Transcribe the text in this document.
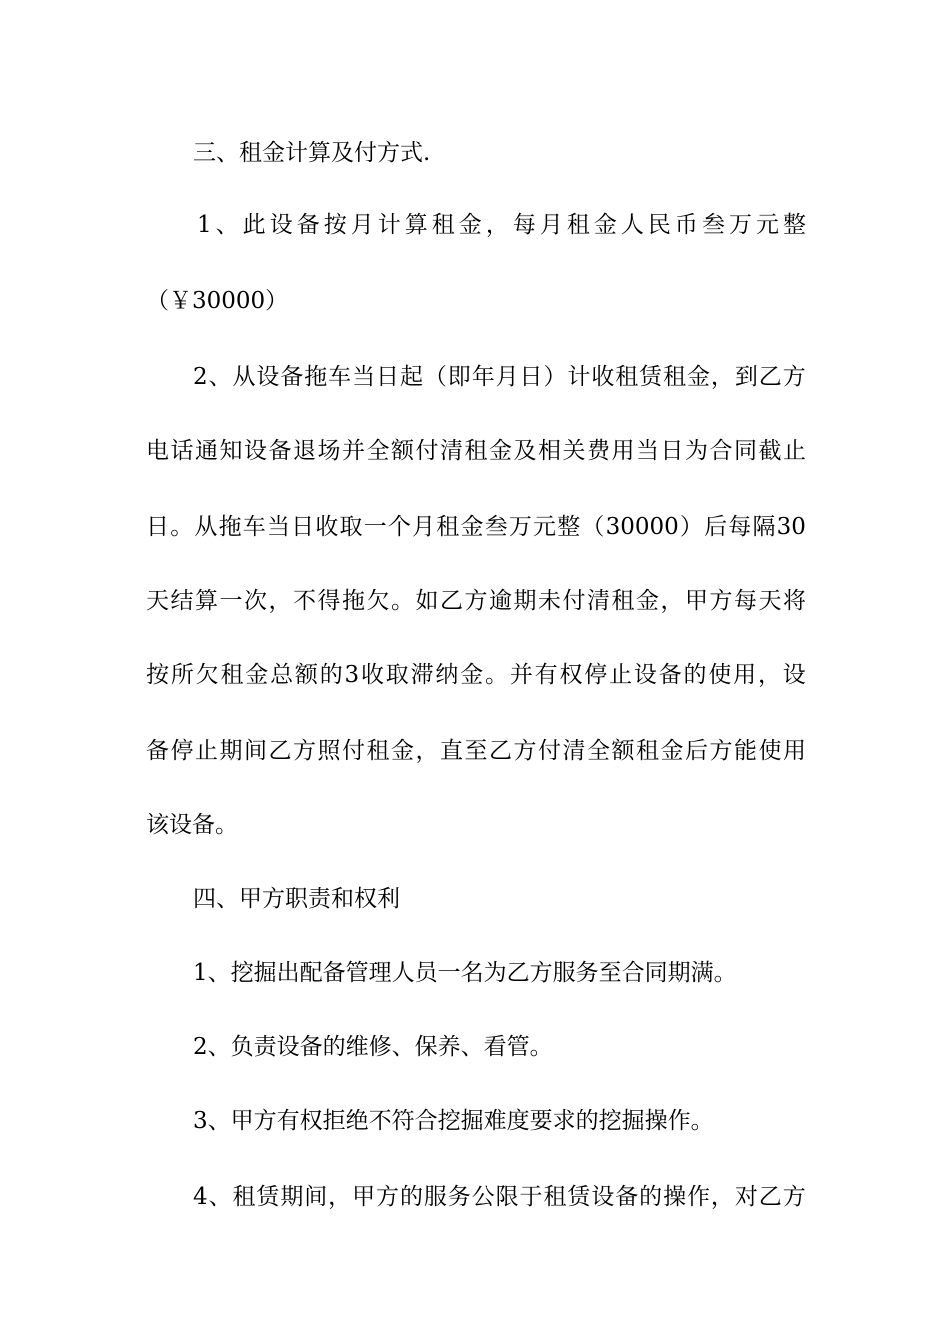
三、租金计算及付方式.
1 、 此 设 备 按 月 计 算 租 金 ， 每 月 租 金 人 民 币 叁 万 元 整
（￥30000）
2 、 从 设 备 拖 车 当 日 起 （ 即 年 月 日 ） 计 收 租 赁 租 金 ， 到 乙 方
电 话 通 知 设 备 退 场 并 全 额 付 清 租 金 及 相 关 费 用 当 日 为 合 同 截 止
日 。 从 拖 车 当 日 收 取 一 个 月 租 金 叁 万 元 整 （ 30000 ） 后 每 隔 30
天 结 算 一 次 ， 不 得 拖 欠 。 如 乙 方 逾 期 未 付 清 租 金 ， 甲 方 每 天 将
按 所 欠 租 金 总 额 的 3 收 取 滞 纳 金 。 并 有 权 停 止 设 备 的 使 用 ， 设
备 停 止 期 间 乙 方 照 付 租 金 ， 直 至 乙 方 付 清 全 额 租 金 后 方 能 使 用
该设备。
四、甲方职责和权利
1、挖掘出配备管理人员一名为乙方服务至合同期满。
2、负责设备的维修、保养、看管。
3、甲方有权拒绝不符合挖掘难度要求的挖掘操作。
4 、 租 赁 期 间 ， 甲 方 的 服 务 公 限 于 租 赁 设 备 的 操 作 ， 对 乙 方
